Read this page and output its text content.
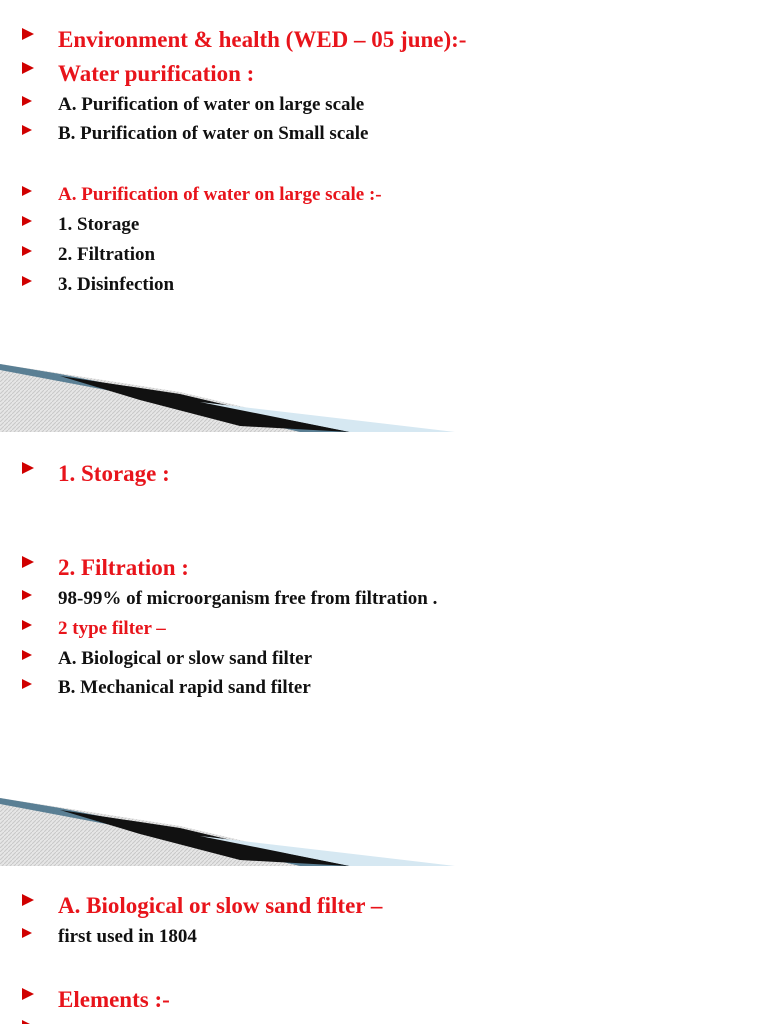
Environment & health (WED – 05 june):-
Water purification :
A. Purification of water on large scale
B. Purification of water on Small scale
A. Purification of water on large scale :-
1. Storage
2. Filtration
3. Disinfection
1. Storage :
2. Filtration :
98-99% of microorganism free from filtration .
2 type filter –
A. Biological or slow sand filter
B. Mechanical rapid sand filter
A. Biological or slow sand filter –
first used in 1804
Elements :-
